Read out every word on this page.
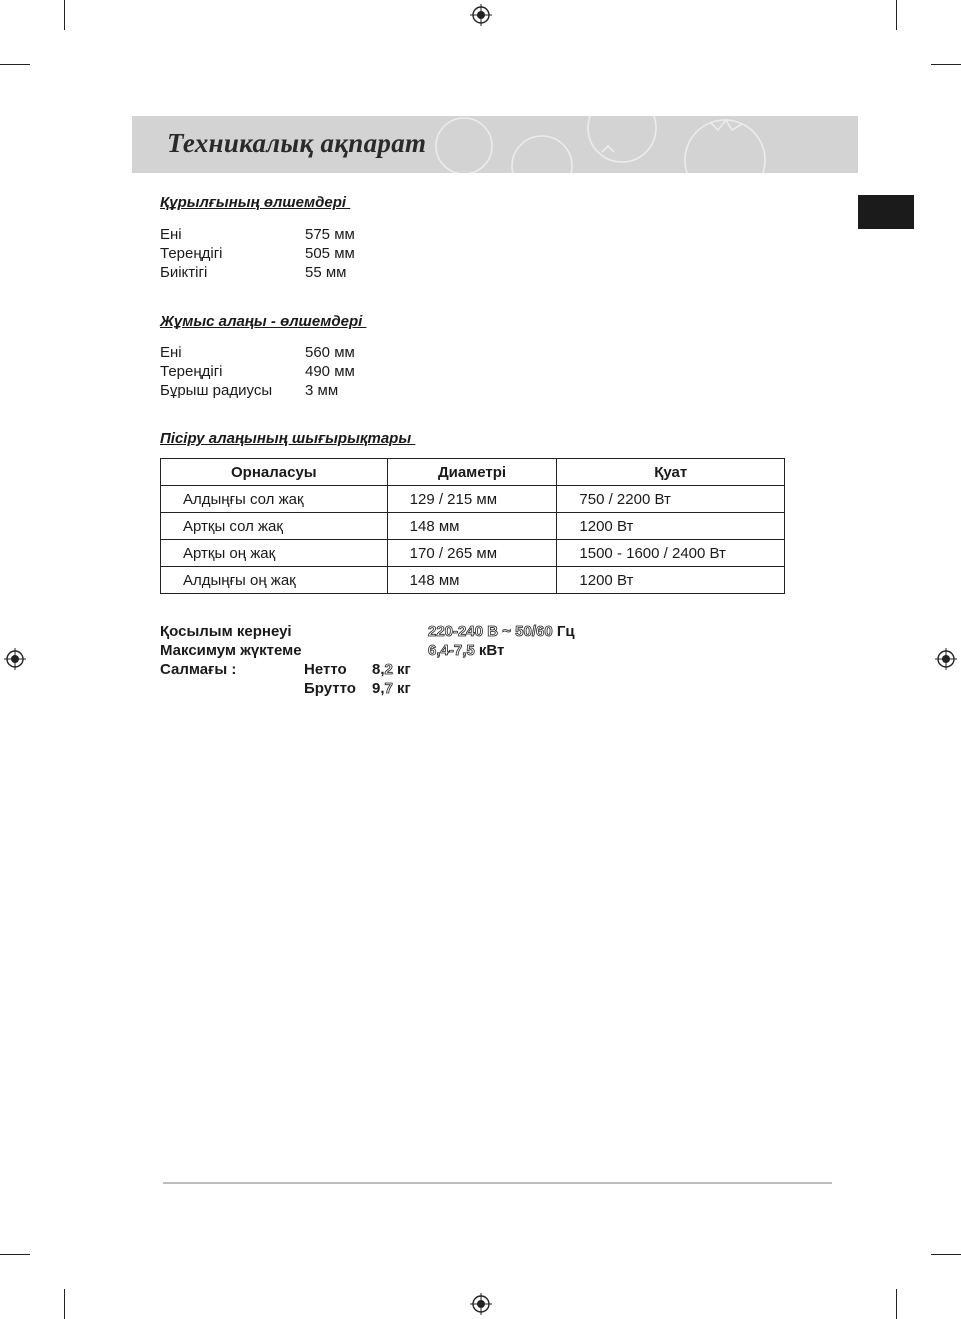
Техникалық ақпарат
Құрылғының өлшемдері
Ені	575 мм
Тереңдігі	505 мм
Биіктігі	55 мм
Жұмыс алаңы - өлшемдері
Ені	560 мм
Тереңдігі	490 мм
Бұрыш радиусы 3 мм
Пісіру алаңының шығырықтары
Орналасуы	Диаметрі	Қуат
Алдыңғы сол жақ	129 / 215 мм	750 / 2200 Вт
Артқы сол жақ	148 мм	1200 Вт
Артқы оң жақ	170 / 265 мм	1500 - 1600 / 2400 Вт
Алдыңғы оң жақ	148 мм	1200 Вт
Қосылым кернеуі	220-240 В ~ 50/60 Гц
Максимум жүктеме	6,4-7,5 кВт
Салмағы :	Нетто 8,2 кг
Брутто 9,7 кг
